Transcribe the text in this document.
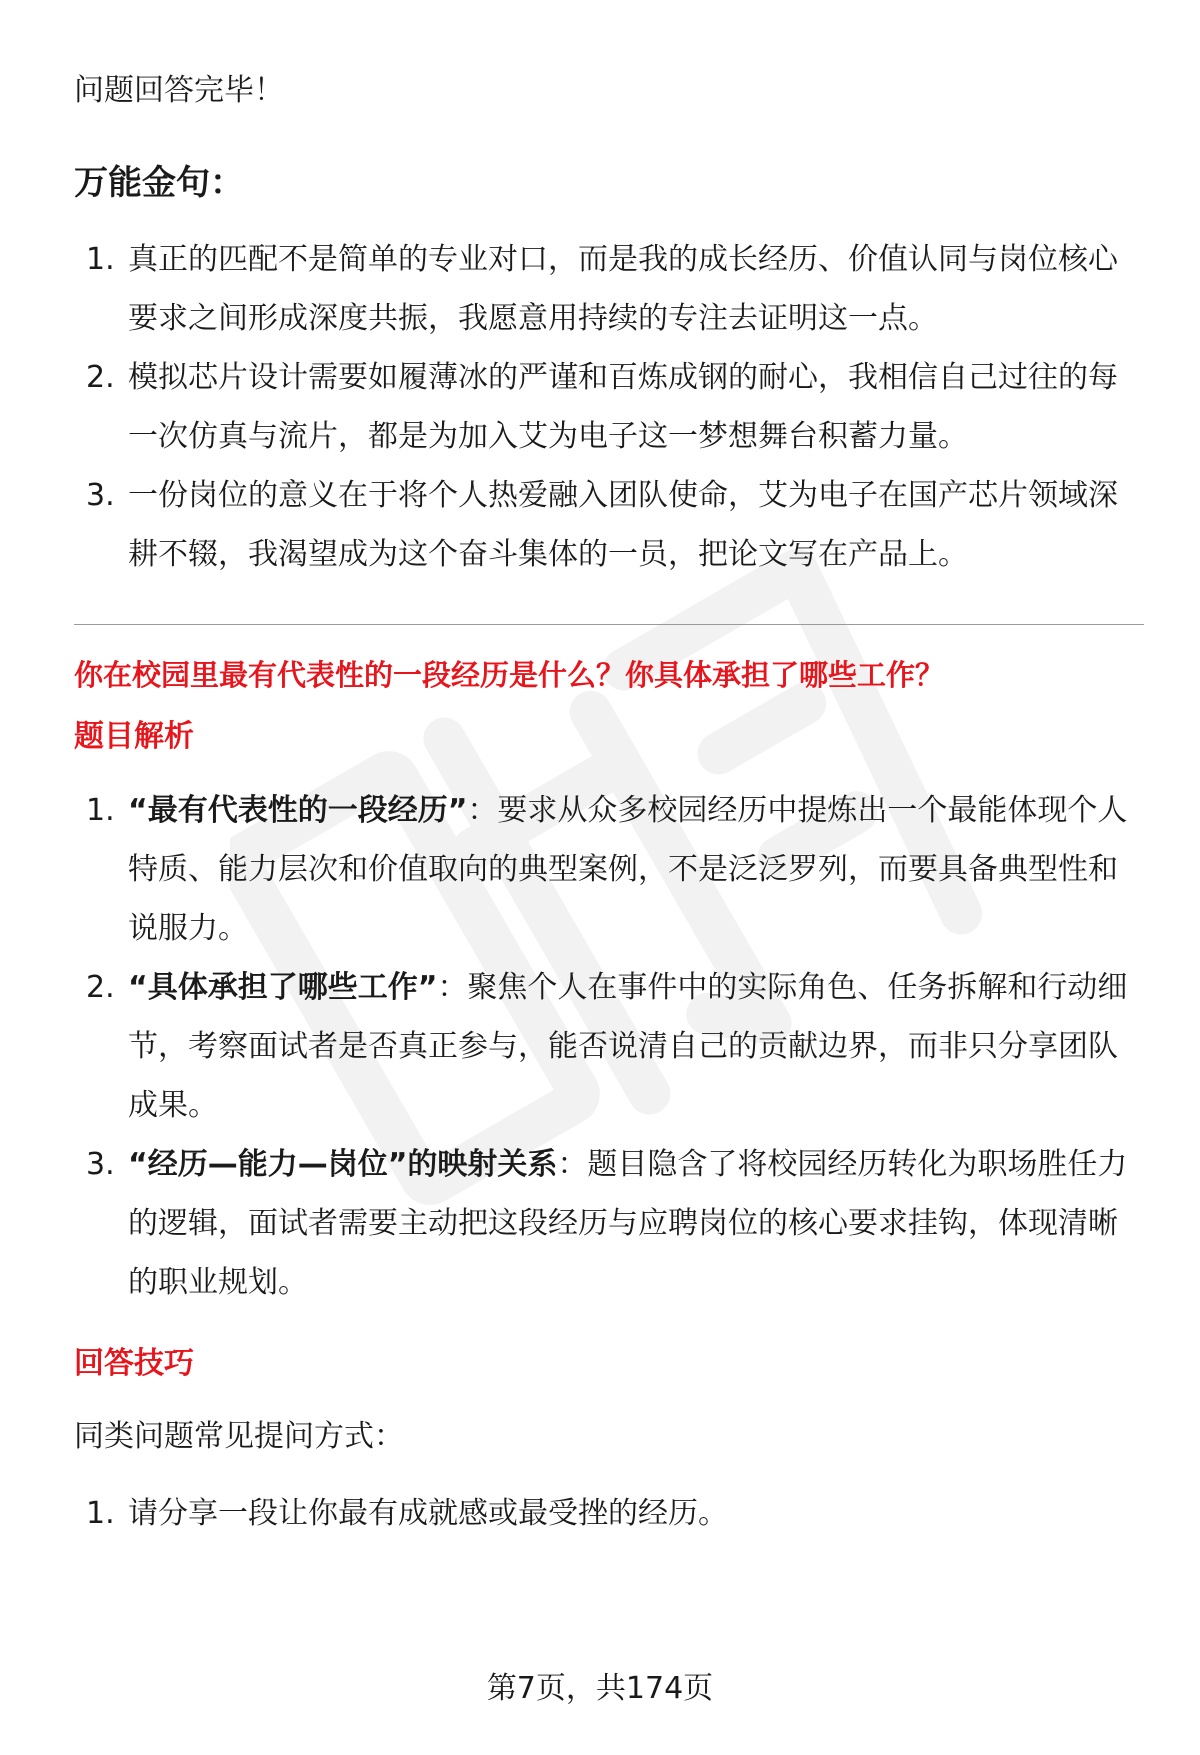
问题回答完毕！

万能金句：
1. 真正的匹配不是简单的专业对口，而是我的成长经历、价值认同与岗位核心要求之间形成深度共振，我愿意用持续的专注去证明这一点。
2. 模拟芯片设计需要如履薄冰的严谨和百炼成钢的耐心，我相信自己过往的每一次仿真与流片，都是为加入艾为电子这一梦想舞台积蓄力量。
3. 一份岗位的意义在于将个人热爱融入团队使命，艾为电子在国产芯片领域深耕不辍，我渴望成为这个奋斗集体的一员，把论文写在产品上。

你在校园里最有代表性的一段经历是什么？你具体承担了哪些工作？

题目解析
1. “最有代表性的一段经历”：要求从众多校园经历中提炼出一个最能体现个人特质、能力层次和价值取向的典型案例，不是泛泛罗列，而要具备典型性和说服力。
2. “具体承担了哪些工作”：聚焦个人在事件中的实际角色、任务拆解和行动细节，考察面试者是否真正参与，能否说清自己的贡献边界，而非只分享团队成果。
3. “经历—能力—岗位”的映射关系：题目隐含了将校园经历转化为职场胜任力的逻辑，面试者需要主动把这段经历与应聘岗位的核心要求挂钩，体现清晰的职业规划。
回答技巧

同类问题常见提问方式：

1. 请分享一段让你最有成就感或最受挫的经历。
第7页，共174页
